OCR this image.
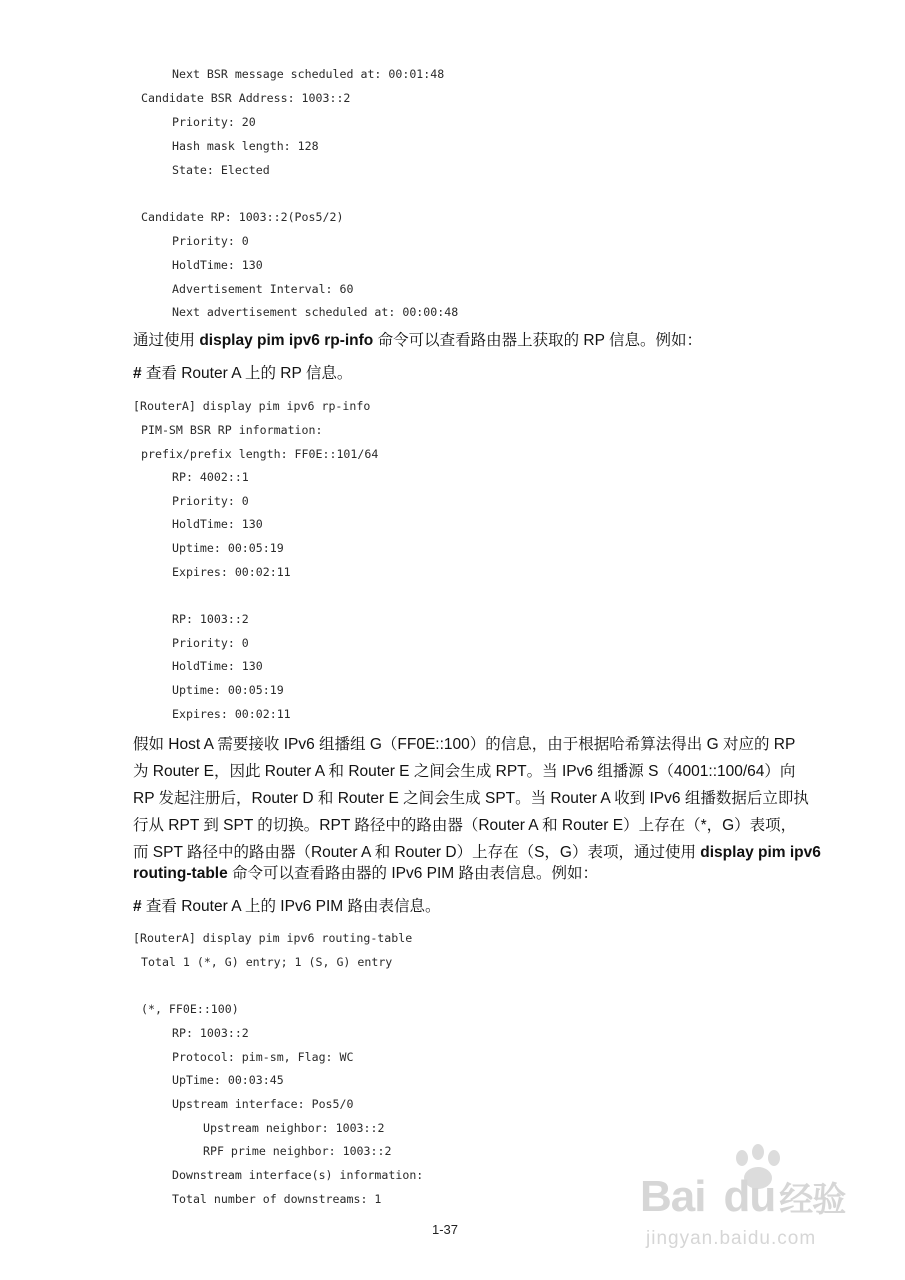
Next BSR message scheduled at: 00:01:48
Candidate BSR Address: 1003::2
Priority: 20
Hash mask length: 128
State: Elected
Candidate RP: 1003::2(Pos5/2)
Priority: 0
HoldTime: 130
Advertisement Interval: 60
Next advertisement scheduled at: 00:00:48
通过使用 display pim ipv6 rp-info 命令可以查看路由器上获取的 RP 信息。例如：
# 查看 Router A 上的 RP 信息。
[RouterA] display pim ipv6 rp-info
PIM-SM BSR RP information:
prefix/prefix length: FF0E::101/64
RP: 4002::1
Priority: 0
HoldTime: 130
Uptime: 00:05:19
Expires: 00:02:11
RP: 1003::2
Priority: 0
HoldTime: 130
Uptime: 00:05:19
Expires: 00:02:11
假如 Host A 需要接收 IPv6 组播组 G（FF0E::100）的信息，由于根据哈希算法得出 G 对应的 RP
为 Router E，因此 Router A 和 Router E 之间会生成 RPT。当 IPv6 组播源 S（4001::100/64）向
RP 发起注册后，Router D 和 Router E 之间会生成 SPT。当 Router A 收到 IPv6 组播数据后立即执
行从 RPT 到 SPT 的切换。RPT 路径中的路由器（Router A 和 Router E）上存在（*，G）表项，
而 SPT 路径中的路由器（Router A 和 Router D）上存在（S，G）表项，通过使用 display pim ipv6
routing-table 命令可以查看路由器的 IPv6 PIM 路由表信息。例如：
# 查看 Router A 上的 IPv6 PIM 路由表信息。
[RouterA] display pim ipv6 routing-table
Total 1 (*, G) entry; 1 (S, G) entry
(*, FF0E::100)
RP: 1003::2
Protocol: pim-sm, Flag: WC
UpTime: 00:03:45
Upstream interface: Pos5/0
Upstream neighbor: 1003::2
RPF prime neighbor: 1003::2
Downstream interface(s) information:
Total number of downstreams: 1
1-37
Bai du 经验
jingyan.baidu.com
